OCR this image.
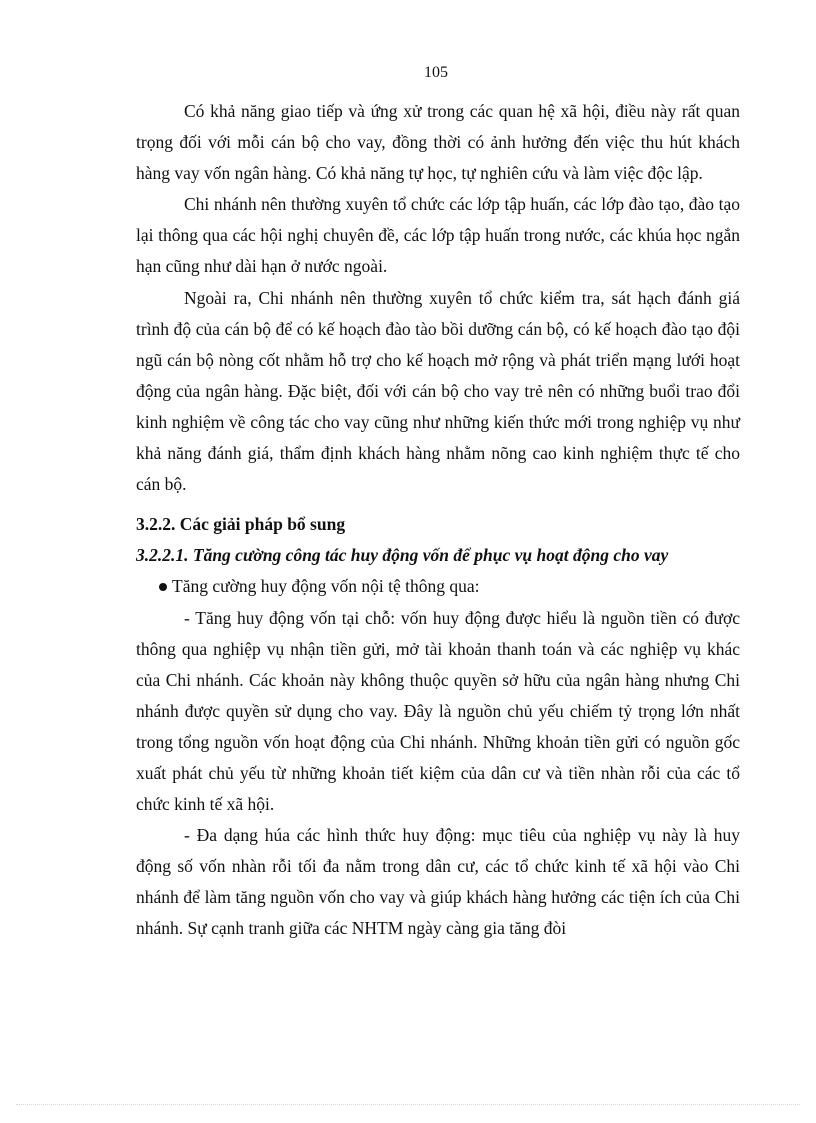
105

Có khả năng giao tiếp và ứng xử trong các quan hệ xã hội, điều này rất quan trọng đối với mỗi cán bộ cho vay, đồng thời có ảnh hưởng đến việc thu hút khách hàng vay vốn ngân hàng. Có khả năng tự học, tự nghiên cứu và làm việc độc lập.

Chi nhánh nên thường xuyên tổ chức các lớp tập huấn, các lớp đào tạo, đào tạo lại thông qua các hội nghị chuyên đề, các lớp tập huấn trong nước, các khúa học ngắn hạn cũng như dài hạn ở nước ngoài.

Ngoài ra, Chi nhánh nên thường xuyên tổ chức kiểm tra, sát hạch đánh giá trình độ của cán bộ để có kế hoạch đào tào bồi dưỡng cán bộ, có kế hoạch đào tạo đội ngũ cán bộ nòng cốt nhằm hỗ trợ cho kế hoạch mở rộng và phát triển mạng lưới hoạt động của ngân hàng. Đặc biệt, đối với cán bộ cho vay trẻ nên có những buổi trao đổi kinh nghiệm về công tác cho vay cũng như những kiến thức mới trong nghiệp vụ như khả năng đánh giá, thẩm định khách hàng nhằm nõng cao kinh nghiệm thực tế cho cán bộ.

3.2.2. Các giải pháp bổ sung

3.2.2.1. Tăng cường công tác huy động vốn để phục vụ hoạt động cho vay

Tăng cường huy động vốn nội tệ thông qua:

- Tăng huy động vốn tại chỗ: vốn huy động được hiểu là nguồn tiền có được thông qua nghiệp vụ nhận tiền gửi, mở tài khoản thanh toán và các nghiệp vụ khác của Chi nhánh. Các khoản này không thuộc quyền sở hữu của ngân hàng nhưng Chi nhánh được quyền sử dụng cho vay. Đây là nguồn chủ yếu chiếm tỷ trọng lớn nhất trong tổng nguồn vốn hoạt động của Chi nhánh. Những khoản tiền gửi có nguồn gốc xuất phát chủ yếu từ những khoản tiết kiệm của dân cư và tiền nhàn rỗi của các tổ chức kinh tế xã hội.

- Đa dạng húa các hình thức huy động: mục tiêu của nghiệp vụ này là huy động số vốn nhàn rỗi tối đa nằm trong dân cư, các tổ chức kinh tế xã hội vào Chi nhánh để làm tăng nguồn vốn cho vay và giúp khách hàng hưởng các tiện ích của Chi nhánh. Sự cạnh tranh giữa các NHTM ngày càng gia tăng đòi
